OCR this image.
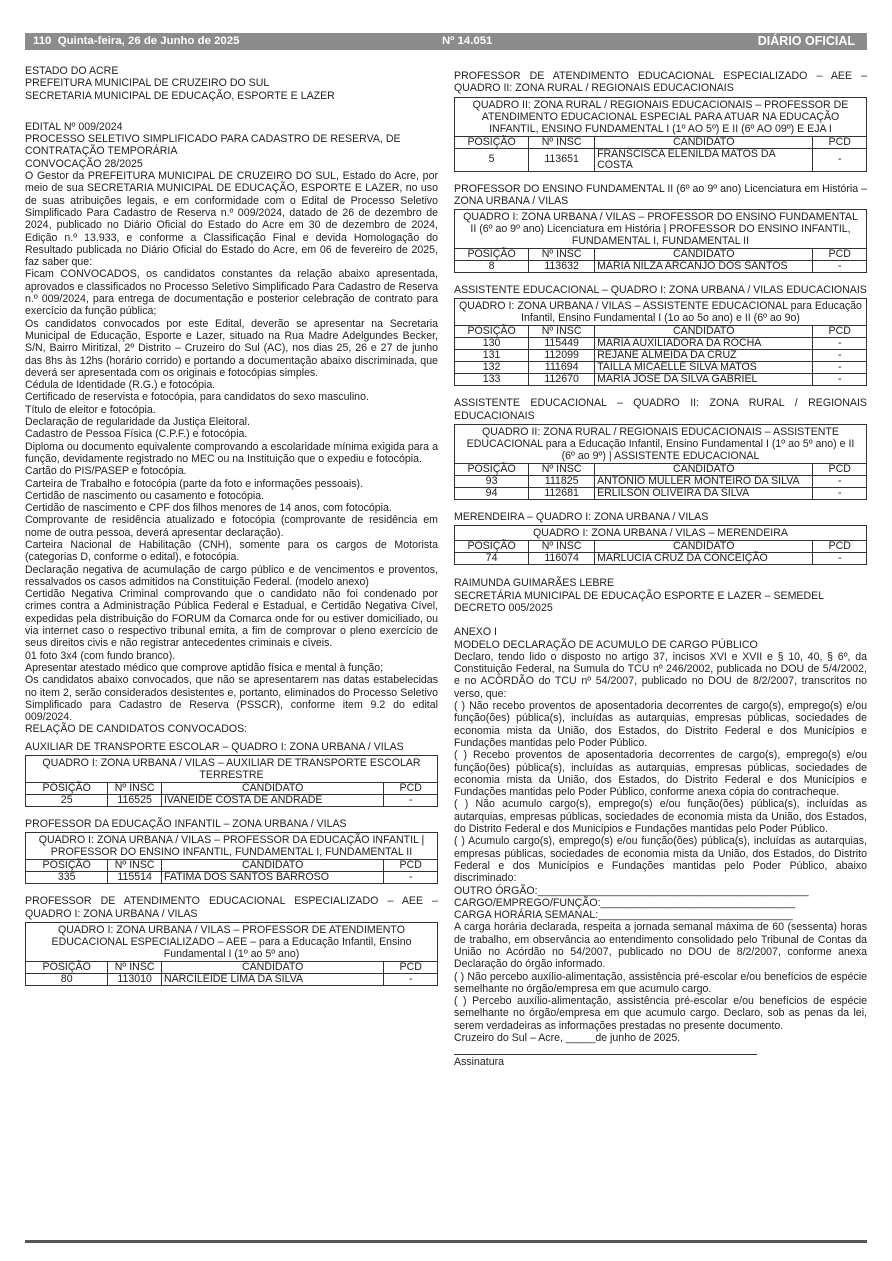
110 Quinta-feira, 26 de Junho de 2025	Nº 14.051	DIÁRIO OFICIAL
ESTADO DO ACRE
PREFEITURA MUNICIPAL DE CRUZEIRO DO SUL
SECRETARIA MUNICIPAL DE EDUCAÇÃO, ESPORTE E LAZER
EDITAL Nº 009/2024
PROCESSO SELETIVO SIMPLIFICADO PARA CADASTRO DE RESERVA, DE CONTRATAÇÃO TEMPORÁRIA
CONVOCAÇÃO 28/2025
O Gestor da PREFEITURA MUNICIPAL DE CRUZEIRO DO SUL, Estado do Acre, por meio de sua SECRETARIA MUNICIPAL DE EDUCAÇÃO, ESPORTE E LAZER, no uso de suas atribuições legais, e em conformidade com o Edital de Processo Seletivo Simplificado Para Cadastro de Reserva n.º 009/2024, datado de 26 de dezembro de 2024, publicado no Diário Oficial do Estado do Acre em 30 de dezembro de 2024, Edição n.º 13.933, e conforme a Classificação Final e devida Homologação do Resultado publicada no Diário Oficial do Estado do Acre, em 06 de fevereiro de 2025, faz saber que:
Ficam CONVOCADOS, os candidatos constantes da relação abaixo apresentada, aprovados e classificados no Processo Seletivo Simplificado Para Cadastro de Reserva n.º 009/2024, para entrega de documentação e posterior celebração de contrato para exercício da função pública;
Os candidatos convocados por este Edital, deverão se apresentar na Secretaria Municipal de Educação, Esporte e Lazer, situado na Rua Madre Adelgundes Becker, S/N, Bairro Miritizal, 2º Distrito – Cruzeiro do Sul (AC), nos dias 25, 26 e 27 de junho das 8hs às 12hs (horário corrido) e portando a documentação abaixo discriminada, que deverá ser apresentada com os originais e fotocópias simples.
Cédula de Identidade (R.G.) e fotocópia.
Certificado de reservista e fotocópia, para candidatos do sexo masculino.
Título de eleitor e fotocópia.
Declaração de regularidade da Justiça Eleitoral.
Cadastro de Pessoa Física (C.P.F.) e fotocópia.
Diploma ou documento equivalente comprovando a escolaridade mínima exigida para a função, devidamente registrado no MEC ou na Instituição que o expediu e fotocópia.
Cartão do PIS/PASEP e fotocópia.
Carteira de Trabalho e fotocópia (parte da foto e informações pessoais).
Certidão de nascimento ou casamento e fotocópia.
Certidão de nascimento e CPF dos filhos menores de 14 anos, com fotocópia.
Comprovante de residência atualizado e fotocópia (comprovante de residência em nome de outra pessoa, deverá apresentar declaração).
Carteira Nacional de Habilitação (CNH), somente para os cargos de Motorista (categorias D, conforme o edital), e fotocópia.
Declaração negativa de acumulação de cargo público e de vencimentos e proventos, ressalvados os casos admitidos na Constituição Federal. (modelo anexo)
Certidão Negativa Criminal comprovando que o candidato não foi condenado por crimes contra a Administração Pública Federal e Estadual, e Certidão Negativa Cível, expedidas pela distribuição do FORUM da Comarca onde for ou estiver domiciliado, ou via internet caso o respectivo tribunal emita, a fim de comprovar o pleno exercício de seus direitos civis e não registrar antecedentes criminais e cíveis.
01 foto 3x4 (com fundo branco).
Apresentar atestado médico que comprove aptidão física e mental à função;
Os candidatos abaixo convocados, que não se apresentarem nas datas estabelecidas no item 2, serão considerados desistentes e, portanto, eliminados do Processo Seletivo Simplificado para Cadastro de Reserva (PSSCR), conforme item 9.2 do edital 009/2024.
RELAÇÃO DE CANDIDATOS CONVOCADOS:
AUXILIAR DE TRANSPORTE ESCOLAR – QUADRO I: ZONA URBANA / VILAS
QUADRO I: ZONA URBANA / VILAS – AUXILIAR DE TRANSPORTE ESCOLAR TERRESTRE			
POSIÇÃO	Nº INSC	CANDIDATO	PCD
25	116525	IVANEIDE COSTA DE ANDRADE	-
PROFESSOR DA EDUCAÇÃO INFANTIL – ZONA URBANA / VILAS
QUADRO I: ZONA URBANA / VILAS – PROFESSOR DA EDUCAÇÃO INFANTIL | PROFESSOR DO ENSINO INFANTIL, FUNDAMENTAL I, FUNDAMENTAL II			
POSIÇÃO	Nº INSC	CANDIDATO	PCD
335	115514	FATIMA DOS SANTOS BARROSO	-
PROFESSOR DE ATENDIMENTO EDUCACIONAL ESPECIALIZADO – AEE – QUADRO I: ZONA URBANA / VILAS
QUADRO I: ZONA URBANA / VILAS – PROFESSOR DE ATENDIMENTO EDUCACIONAL ESPECIALIZADO – AEE – para a Educação Infantil, Ensino Fundamental I (1º ao 5º ano)			
POSIÇÃO	Nº INSC	CANDIDATO	PCD
80	113010	NARCILEIDE LIMA DA SILVA	-
PROFESSOR DE ATENDIMENTO EDUCACIONAL ESPECIALIZADO – AEE – QUADRO II: ZONA RURAL / REGIONAIS EDUCACIONAIS
QUADRO II: ZONA RURAL / REGIONAIS EDUCACIONAIS – PROFESSOR DE ATENDIMENTO EDUCACIONAL ESPECIAL PARA ATUAR NA EDUCAÇÃO INFANTIL, ENSINO FUNDAMENTAL I (1º AO 5º) E II (6º AO 09º) E EJA I			
POSIÇÃO	Nº INSC	CANDIDATO	PCD
5	113651	FRANSCISCA ELENILDA MATOS DA COSTA	-
PROFESSOR DO ENSINO FUNDAMENTAL II (6º ao 9º ano) Licenciatura em História – ZONA URBANA / VILAS
QUADRO I: ZONA URBANA / VILAS – PROFESSOR DO ENSINO FUNDAMENTAL II (6º ao 9º ano) Licenciatura em História | PROFESSOR DO ENSINO INFANTIL, FUNDAMENTAL I, FUNDAMENTAL II			
POSIÇÃO	Nº INSC	CANDIDATO	PCD
8	113632	MARIA NILZA ARCANJO DOS SANTOS	-
ASSISTENTE EDUCACIONAL – QUADRO I: ZONA URBANA / VILAS EDUCACIONAIS
QUADRO I: ZONA URBANA / VILAS – ASSISTENTE EDUCACIONAL para Educação Infantil, Ensino Fundamental I (1o ao 5o ano) e II (6º ao 9o)			
POSIÇÃO	Nº INSC	CANDIDATO	PCD
130	115449	MARIA AUXILIADORA DA ROCHA	-
131	112099	REJANE ALMEIDA DA CRUZ	-
132	111694	TAILLA MICAELLE SILVA MATOS	-
133	112670	MARIA JOSE DA SILVA GABRIEL	-
ASSISTENTE EDUCACIONAL – QUADRO II: ZONA RURAL / REGIONAIS EDUCACIONAIS
QUADRO II: ZONA RURAL / REGIONAIS EDUCACIONAIS – ASSISTENTE EDUCACIONAL para a Educação Infantil, Ensino Fundamental I (1º ao 5º ano) e II (6º ao 9º) | ASSISTENTE EDUCACIONAL			
POSIÇÃO	Nº INSC	CANDIDATO	PCD
93	111825	ANTONIO MULLER MONTEIRO DA SILVA	-
94	112681	ERLILSON OLIVEIRA DA SILVA	-
MERENDEIRA – QUADRO I: ZONA URBANA / VILAS
QUADRO I: ZONA URBANA / VILAS – MERENDEIRA			
POSIÇÃO	Nº INSC	CANDIDATO	PCD
74	116074	MARLUCIA CRUZ DA CONCEIÇÃO	-
RAIMUNDA GUIMARÃES LEBRE
SECRETÁRIA MUNICIPAL DE EDUCAÇÃO ESPORTE E LAZER – SEMEDEL
DECRETO 005/2025
ANEXO I
MODELO DECLARAÇÃO DE ACUMULO DE CARGO PÚBLICO
Declaro, tendo lido o disposto no artigo 37, incisos XVI e XVII e § 10, 40, § 6º, da Constituição Federal, na Sumula do TCU nº 246/2002, publicada no DOU de 5/4/2002, e no ACÓRDÃO do TCU nº 54/2007, publicado no DOU de 8/2/2007, transcritos no verso, que:
( ) Não recebo proventos de aposentadoria decorrentes de cargo(s), emprego(s) e/ou função(ões) pública(s), incluídas as autarquias, empresas públicas, sociedades de economia mista da União, dos Estados, do Distrito Federal e dos Municípios e Fundações mantidas pelo Poder Público.
( ) Recebo proventos de aposentadoria decorrentes de cargo(s), emprego(s) e/ou função(ões) pública(s), incluídas as autarquias, empresas públicas, sociedades de economia mista da União, dos Estados, do Distrito Federal e dos Municípios e Fundações mantidas pelo Poder Público, conforme anexa cópia do contracheque.
( ) Não acumulo cargo(s), emprego(s) e/ou função(ões) pública(s), incluídas as autarquias, empresas públicas, sociedades de economia mista da União, dos Estados, do Distrito Federal e dos Municípios e Fundações mantidas pelo Poder Público.
( ) Acumulo cargo(s), emprego(s) e/ou função(ões) pública(s), incluídas as autarquias, empresas públicas, sociedades de economia mista da União, dos Estados, do Distrito Federal e dos Municípios e Fundações mantidas pelo Poder Público, abaixo discriminado:
OUTRO ÓRGÃO:______________________________________________
CARGO/EMPREGO/FUNÇÃO:_________________________________
CARGA HORÁRIA SEMANAL:_________________________________
A carga horária declarada, respeita a jornada semanal máxima de 60 (sessenta) horas de trabalho, em observância ao entendimento consolidado pelo Tribunal de Contas da União no Acórdão no 54/2007, publicado no DOU de 8/2/2007, conforme anexa Declaração do órgão informado.
( ) Não percebo auxílio-alimentação, assistência pré-escolar e/ou benefícios de espécie semelhante no órgão/empresa em que acumulo cargo.
( ) Percebo auxílio-alimentação, assistência pré-escolar e/ou benefícios de espécie semelhante no órgão/empresa em que acumulo cargo. Declaro, sob as penas da lei, serem verdadeiras as informações prestadas no presente documento.
Cruzeiro do Sul – Acre, _____de junho de 2025.
Assinatura
